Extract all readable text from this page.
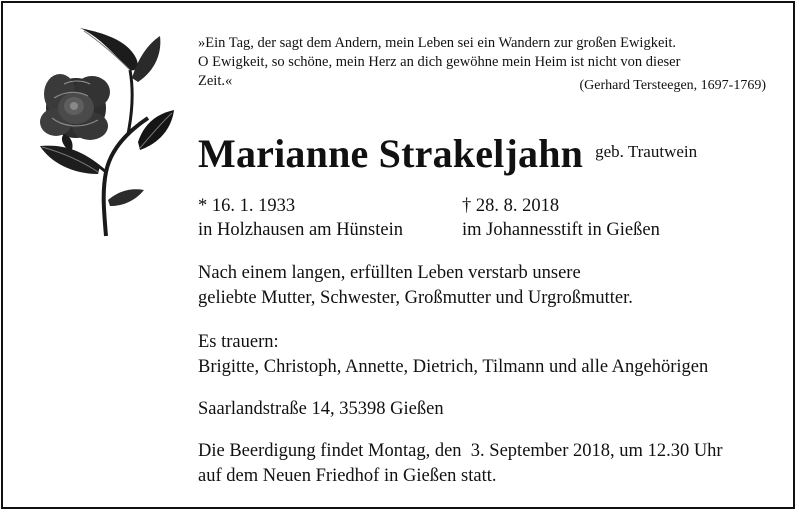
»Ein Tag, der sagt dem Andern, mein Leben sei ein Wandern zur großen Ewigkeit.
O Ewigkeit, so schöne, mein Herz an dich gewöhne mein Heim ist nicht von dieser
Zeit.«	(Gerhard Tersteegen, 1697-1769)
Marianne Strakeljahn geb. Trautwein
* 16. 1. 1933
in Holzhausen am Hünstein
† 28. 8. 2018
im Johannesstift in Gießen
Nach einem langen, erfüllten Leben verstarb unsere
geliebte Mutter, Schwester, Großmutter und Urgroßmutter.
Es trauern:
Brigitte, Christoph, Annette, Dietrich, Tilmann und alle Angehörigen
Saarlandstraße 14, 35398 Gießen
Die Beerdigung findet Montag, den  3. September 2018, um 12.30 Uhr
auf dem Neuen Friedhof in Gießen statt.
